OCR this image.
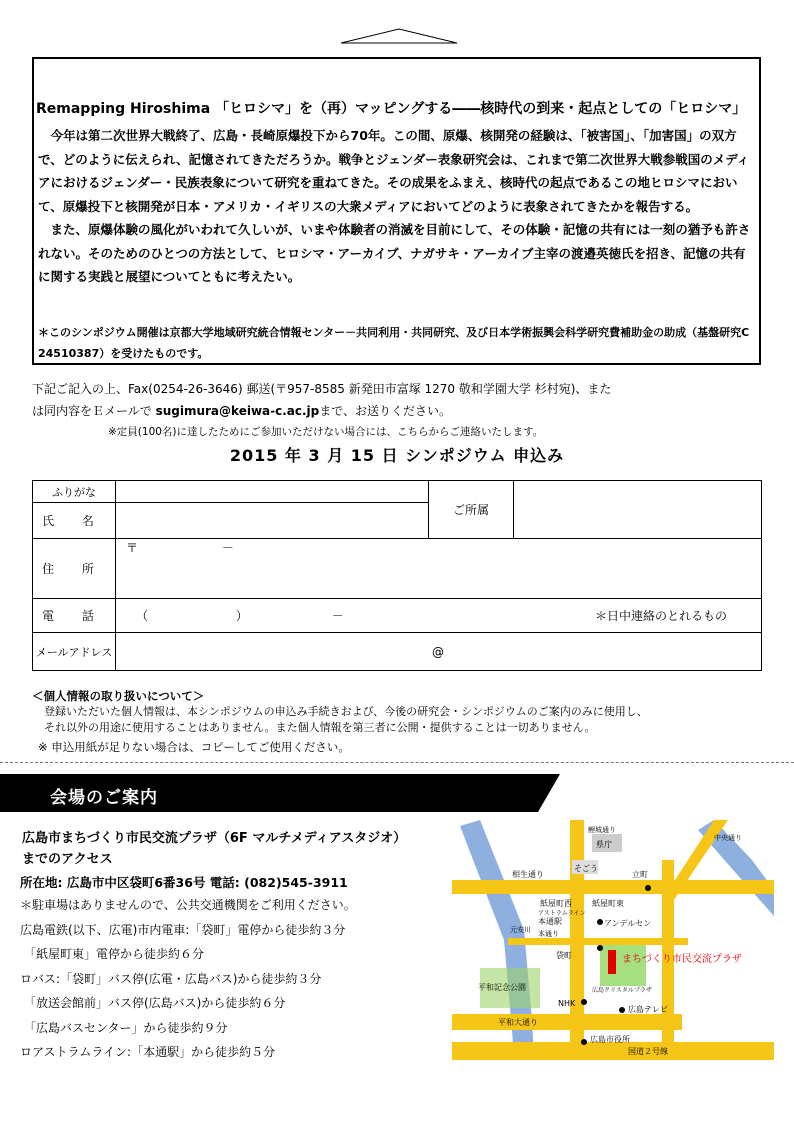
Remapping Hiroshima 「ヒロシマ」を（再）マッピングする――核時代の到来・起点としての「ヒロシマ」

今年は第二次世界大戦終了、広島・長崎原爆投下から70年。この間、原爆、核開発の経験は、「被害国」、「加害国」の双方で、どのように伝えられ、記憶されてきただろうか。戦争とジェンダー表象研究会は、これまで第二次世界大戦参戦国のメディアにおけるジェンダー・民族表象について研究を重ねてきた。その成果をふまえ、核時代の起点であるこの地ヒロシマにおいて、原爆投下と核開発が日本・アメリカ・イギリスの大衆メディアにおいてどのように表象されてきたかを報告する。

また、原爆体験の風化がいわれて久しいが、いまや体験者の消滅を目前にして、その体験・記憶の共有には一刻の猶予も許されない。そのためのひとつの方法として、ヒロシマ・アーカイブ、ナガサキ・アーカイブ主宰の渡邉英徳氏を招き、記憶の共有に関する実践と展望についてともに考えたい。

＊このシンポジウム開催は京都大学地域研究統合情報センター－共同利用・共同研究、及び日本学術振興会科学研究費補助金の助成（基盤研究C 24510387）を受けたものです。
下記ご記入の上、Fax(0254-26-3646) 郵送(〒957-8585 新発田市富塚 1270 敬和学園大学 杉村宛)、また
は同内容をＥメールで sugimura@keiwa-c.ac.jpまで、お送りください。
※定員(100名)に達したためにご参加いただけない場合には、こちらからご連絡いたします。
2015 年 3 月 15 日 シンポジウム 申込み
ふりがな		ご所属	
氏 名			
住 所	〒 －		
電 話	（ ） － ＊日中連絡のとれるもの		

メールアドレス	@		
＜個人情報の取り扱いについて＞
登録いただいた個人情報は、本シンポジウムの申込み手続きおよび、今後の研究会・シンポジウムのご案内のみに使用し、
それ以外の用途に使用することはありません。また個人情報を第三者に公開・提供することは一切ありません。
※ 申込用紙が足りない場合は、コピーしてご使用ください。
会場のご案内
広島市まちづくり市民交流プラザ（6F マルチメディアスタジオ）
までのアクセス
所在地: 広島市中区袋町6番36号 電話: (082)545-3911
＊駐車場はありませんので、公共交通機関をご利用ください。
広島電鉄(以下、広電)市内電車:「袋町」電停から徒歩約３分
「紙屋町東」電停から徒歩約６分
ロバス:「袋町」バス停(広電・広島バス)から徒歩約３分
「放送会館前」バス停(広島バス)から徒歩約６分
「広島バスセンター」から徒歩約９分
ロアストラムライン:「本通駅」から徒歩約５分
県庁
そごう
相生通り	立町
紙屋町西
アストラムライン
紙屋町東
本通駅
本通り
アンデルセン
袋町	まちづくり市民交流プラザ
平和記念公園	広島クリスタルプラザ
NHK
広島テレビ
平和大通り
広島市役所
国道２号線
鯉城通り
中央通り
元安川
